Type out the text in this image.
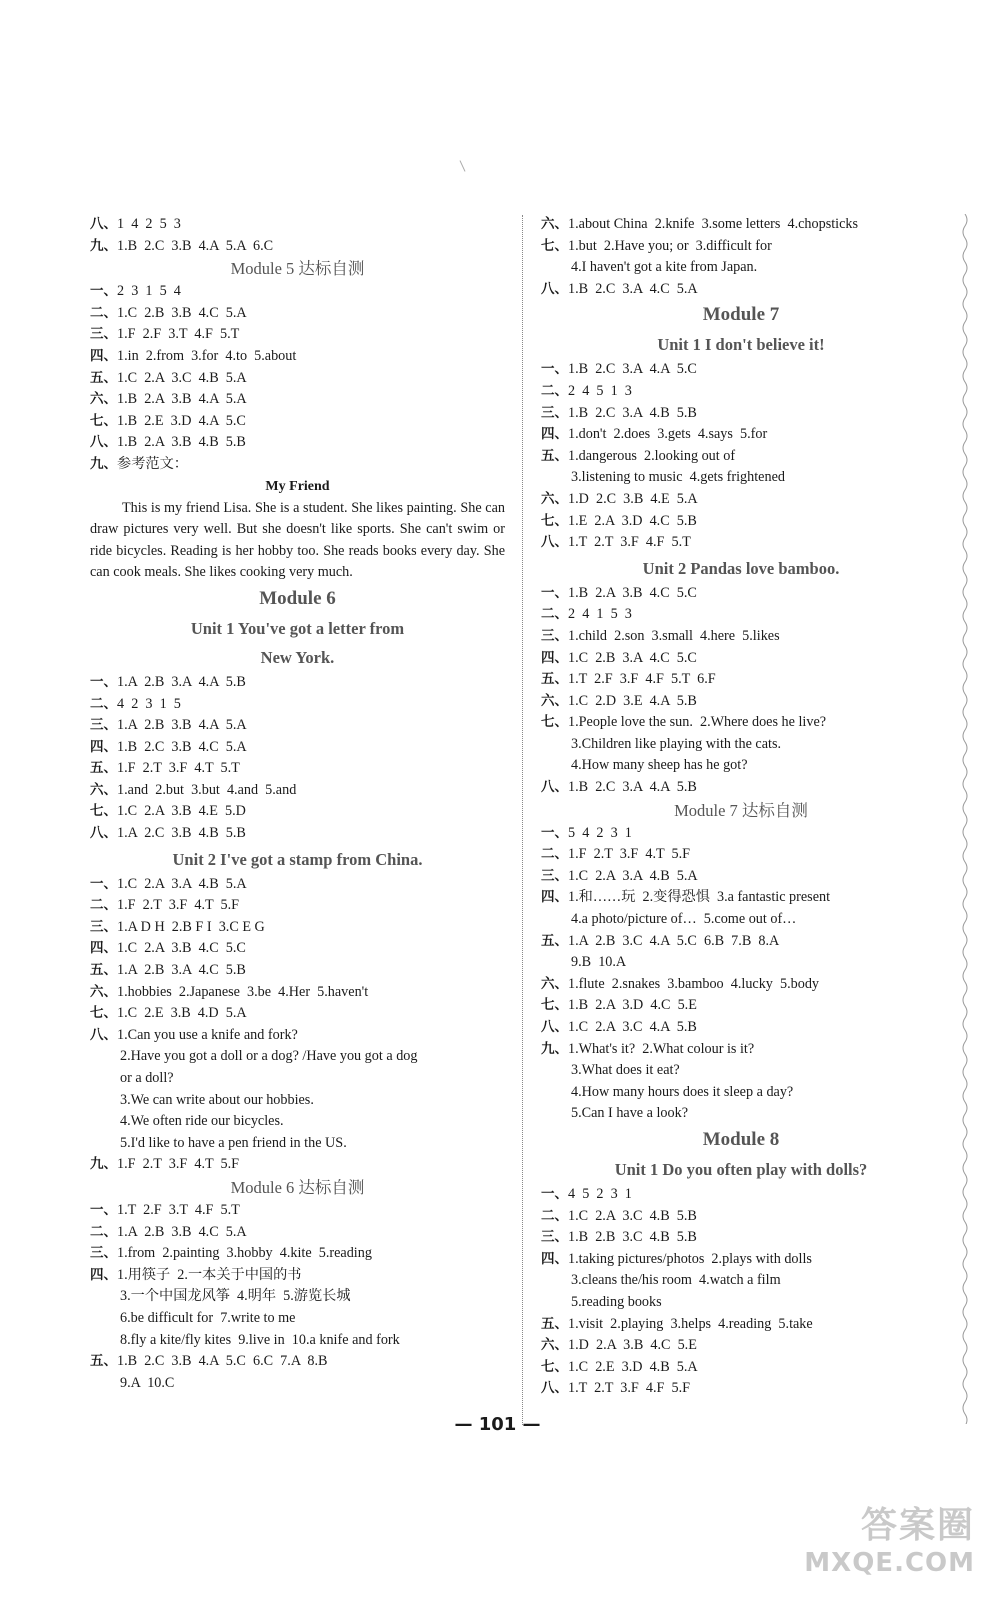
八、1  4  2  5  3
九、1.B  2.C  3.B  4.A  5.A  6.C
Module 5 达标自测
一、2  3  1  5  4
二、1.C  2.B  3.B  4.C  5.A
三、1.F  2.F  3.T  4.F  5.T
四、1.in  2.from  3.for  4.to  5.about
五、1.C  2.A  3.C  4.B  5.A
六、1.B  2.A  3.B  4.A  5.A
七、1.B  2.E  3.D  4.A  5.C
八、1.B  2.A  3.B  4.B  5.B
九、参考范文：
My Friend
This is my friend Lisa. She is a student. She likes painting. She can draw pictures very well. But she doesn't like sports. She can't swim or ride bicycles. Reading is her hobby too. She reads books every day. She can cook meals. She likes cooking very much.
Module 6
Unit 1 You've got a letter from
New York.
一、1.A  2.B  3.A  4.A  5.B
二、4  2  3  1  5
三、1.A  2.B  3.B  4.A  5.A
四、1.B  2.C  3.B  4.C  5.A
五、1.F  2.T  3.F  4.T  5.T
六、1.and  2.but  3.but  4.and  5.and
七、1.C  2.A  3.B  4.E  5.D
八、1.A  2.C  3.B  4.B  5.B
Unit 2 I've got a stamp from China.
一、1.C  2.A  3.A  4.B  5.A
二、1.F  2.T  3.F  4.T  5.F
三、1.A D H  2.B F I  3.C E G
四、1.C  2.A  3.B  4.C  5.C
五、1.A  2.B  3.A  4.C  5.B
六、1.hobbies  2.Japanese  3.be  4.Her  5.haven't
七、1.C  2.E  3.B  4.D  5.A
八、1.Can you use a knife and fork?
2.Have you got a doll or a dog? /Have you got a dog
or a doll?
3.We can write about our hobbies.
4.We often ride our bicycles.
5.I'd like to have a pen friend in the US.
九、1.F  2.T  3.F  4.T  5.F
Module 6 达标自测
一、1.T  2.F  3.T  4.F  5.T
二、1.A  2.B  3.B  4.C  5.A
三、1.from  2.painting  3.hobby  4.kite  5.reading
四、1.用筷子  2.一本关于中国的书
3.一个中国龙风筝  4.明年  5.游览长城
6.be difficult for  7.write to me
8.fly a kite/fly kites  9.live in  10.a knife and fork
五、1.B  2.C  3.B  4.A  5.C  6.C  7.A  8.B
9.A  10.C
六、1.about China  2.knife  3.some letters  4.chopsticks
七、1.but  2.Have you; or  3.difficult for
4.I haven't got a kite from Japan.
八、1.B  2.C  3.A  4.C  5.A
Module 7
Unit 1 I don't believe it!
一、1.B  2.C  3.A  4.A  5.C
二、2  4  5  1  3
三、1.B  2.C  3.A  4.B  5.B
四、1.don't  2.does  3.gets  4.says  5.for
五、1.dangerous  2.looking out of
3.listening to music  4.gets frightened
六、1.D  2.C  3.B  4.E  5.A
七、1.E  2.A  3.D  4.C  5.B
八、1.T  2.T  3.F  4.F  5.T
Unit 2 Pandas love bamboo.
一、1.B  2.A  3.B  4.C  5.C
二、2  4  1  5  3
三、1.child  2.son  3.small  4.here  5.likes
四、1.C  2.B  3.A  4.C  5.C
五、1.T  2.F  3.F  4.F  5.T  6.F
六、1.C  2.D  3.E  4.A  5.B
七、1.People love the sun.  2.Where does he live?
3.Children like playing with the cats.
4.How many sheep has he got?
八、1.B  2.C  3.A  4.A  5.B
Module 7 达标自测
一、5  4  2  3  1
二、1.F  2.T  3.F  4.T  5.F
三、1.C  2.A  3.A  4.B  5.A
四、1.和……玩  2.变得恐惧  3.a fantastic present
4.a photo/picture of…  5.come out of…
五、1.A  2.B  3.C  4.A  5.C  6.B  7.B  8.A
9.B  10.A
六、1.flute  2.snakes  3.bamboo  4.lucky  5.body
七、1.B  2.A  3.D  4.C  5.E
八、1.C  2.A  3.C  4.A  5.B
九、1.What's it?  2.What colour is it?
3.What does it eat?
4.How many hours does it sleep a day?
5.Can I have a look?
Module 8
Unit 1 Do you often play with dolls?
一、4  5  2  3  1
二、1.C  2.A  3.C  4.B  5.B
三、1.B  2.B  3.C  4.B  5.B
四、1.taking pictures/photos  2.plays with dolls
3.cleans the/his room  4.watch a film
5.reading books
五、1.visit  2.playing  3.helps  4.reading  5.take
六、1.D  2.A  3.B  4.C  5.E
七、1.C  2.E  3.D  4.B  5.A
八、1.T  2.T  3.F  4.F  5.F
— 101 —
答案圈
MXQE.COM
